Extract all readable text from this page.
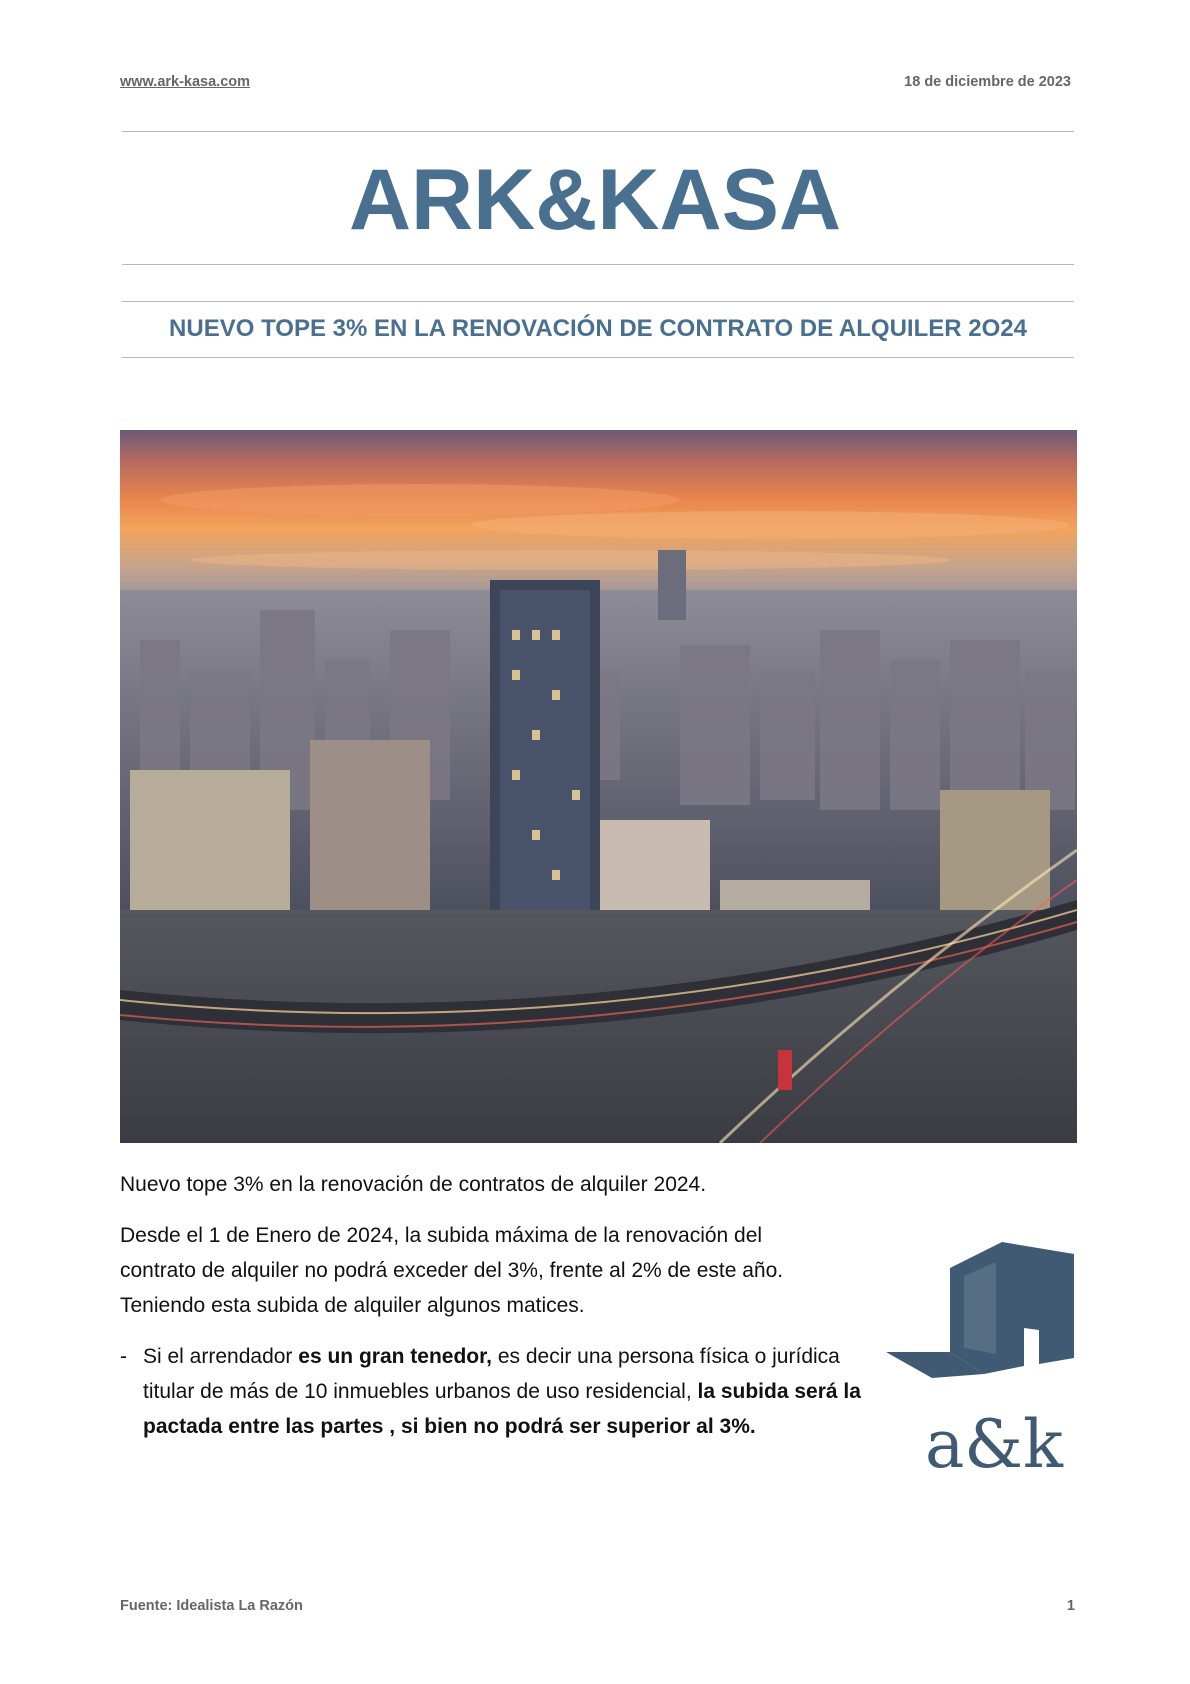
www.ark-kasa.com	18 de diciembre de 2023
ARK&KASA
NUEVO TOPE 3% EN LA RENOVACIÓN DE CONTRATO DE ALQUILER 2O24
Nuevo tope 3% en la renovación de contratos de alquiler 2024.
Desde el 1 de Enero de 2024, la subida máxima de la renovación del contrato de alquiler no podrá exceder del 3%, frente al 2% de este año. Teniendo esta subida de alquiler algunos matices.
- Si el arrendador es un gran tenedor, es decir una persona física o jurídica titular de más de 10 inmuebles urbanos de uso residencial, la subida será la pactada entre las partes , si bien no podrá ser superior al 3%.	a&k
Fuente: Idealista La Razón	1
